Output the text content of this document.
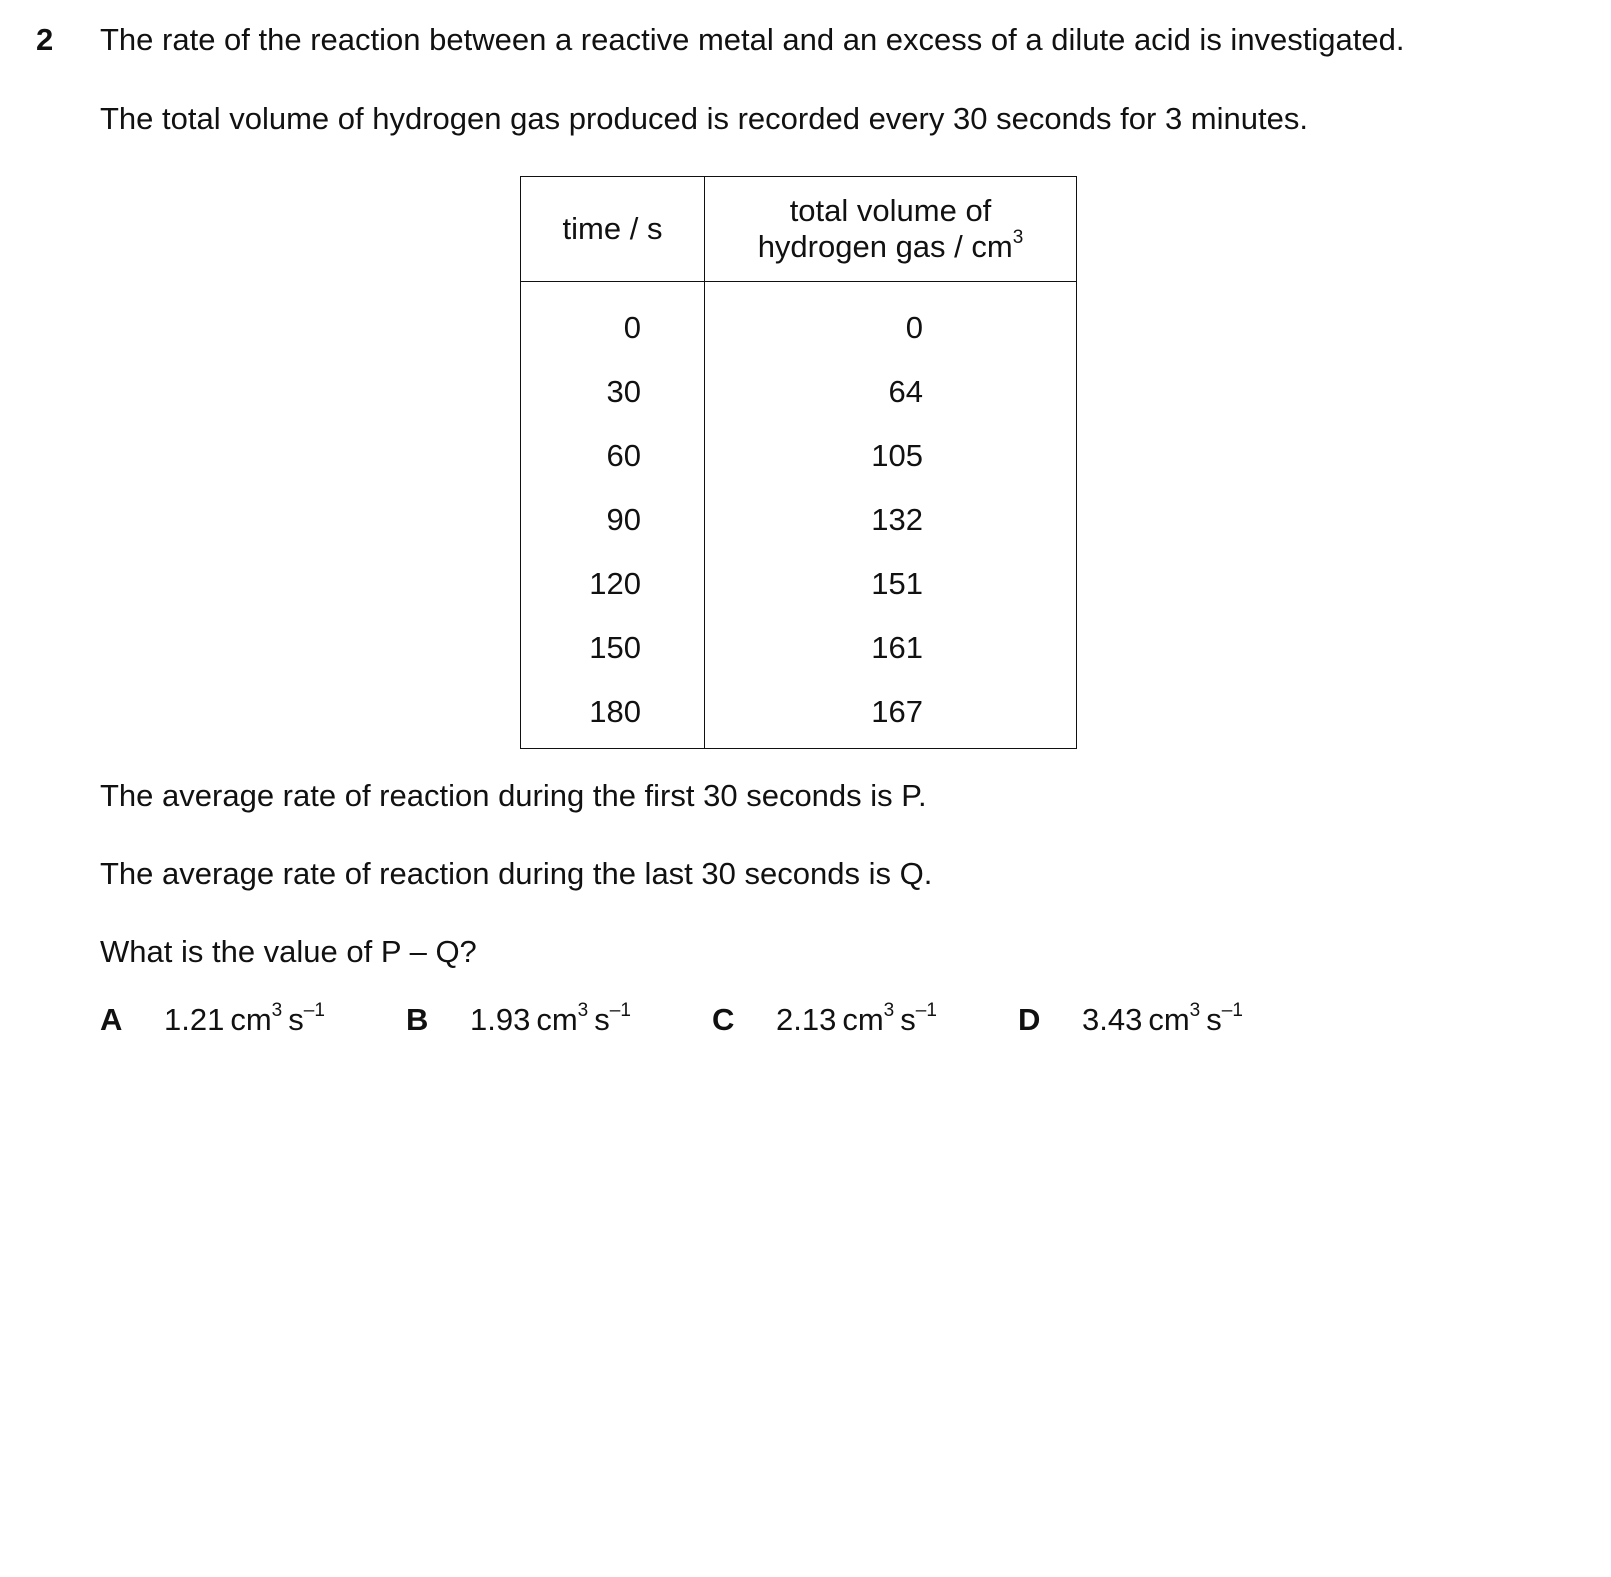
2 The rate of the reaction between a reactive metal and an excess of a dilute acid is investigated.
The total volume of hydrogen gas produced is recorded every 30 seconds for 3 minutes.
time / s	total volume of
hydrogen gas / $cm^3$

0	0
30	64
60	105
90	132
120	151
150	161
180	167
The average rate of reaction during the first 30 seconds is P.
The average rate of reaction during the last 30 seconds is Q.
What is the value of P – Q?
A 1.21 $cm^3$ $s^{-1}$	B 1.93 $cm^3$ $s^{-1}$	C 2.13 $cm^3$ $s^{-1}$	D 3.43 $cm^3$ $s^{-1}$
